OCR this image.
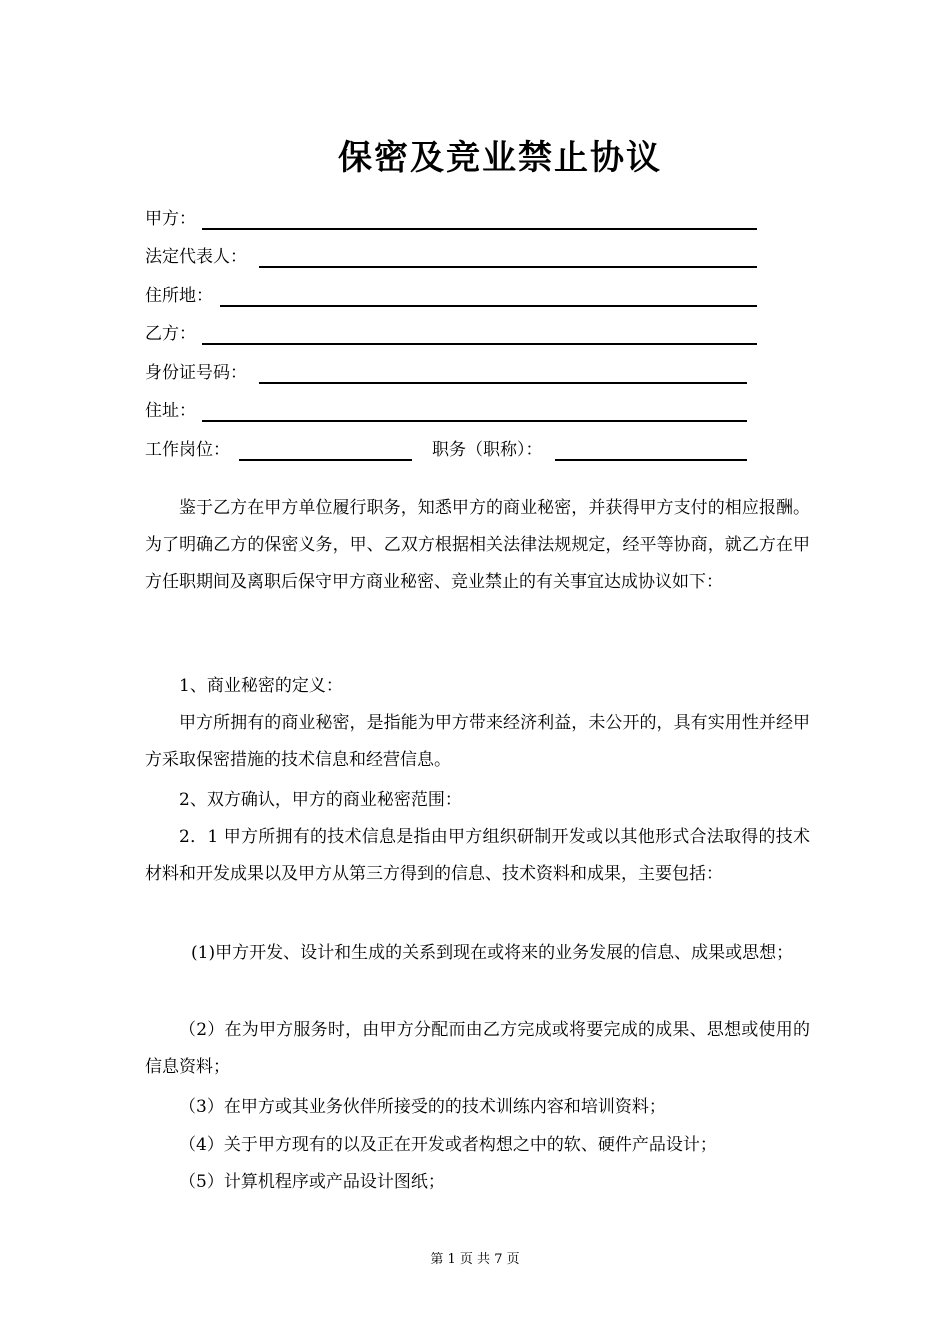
保密及竞业禁止协议
甲方：
法定代表人：
住所地：
乙方：
身份证号码：
住址：
工作岗位：	职务（职称）：

鉴于乙方在甲方单位履行职务，知悉甲方的商业秘密，并获得甲方支付的相应报酬。为了明确乙方的保密义务，甲、乙双方根据相关法律法规规定，经平等协商，就乙方在甲方任职期间及离职后保守甲方商业秘密、竞业禁止的有关事宜达成协议如下：

1、商业秘密的定义：

甲方所拥有的商业秘密，是指能为甲方带来经济利益，未公开的，具有实用性并经甲方采取保密措施的技术信息和经营信息。

2、双方确认，甲方的商业秘密范围：

2．1 甲方所拥有的技术信息是指由甲方组织研制开发或以其他形式合法取得的技术材料和开发成果以及甲方从第三方得到的信息、技术资料和成果，主要包括：

(1)甲方开发、设计和生成的关系到现在或将来的业务发展的信息、成果或思想；

（2）在为甲方服务时，由甲方分配而由乙方完成或将要完成的成果、思想或使用的信息资料；

（3）在甲方或其业务伙伴所接受的的技术训练内容和培训资料；

（4）关于甲方现有的以及正在开发或者构想之中的软、硬件产品设计；

（5）计算机程序或产品设计图纸；

第 1 页 共 7 页
